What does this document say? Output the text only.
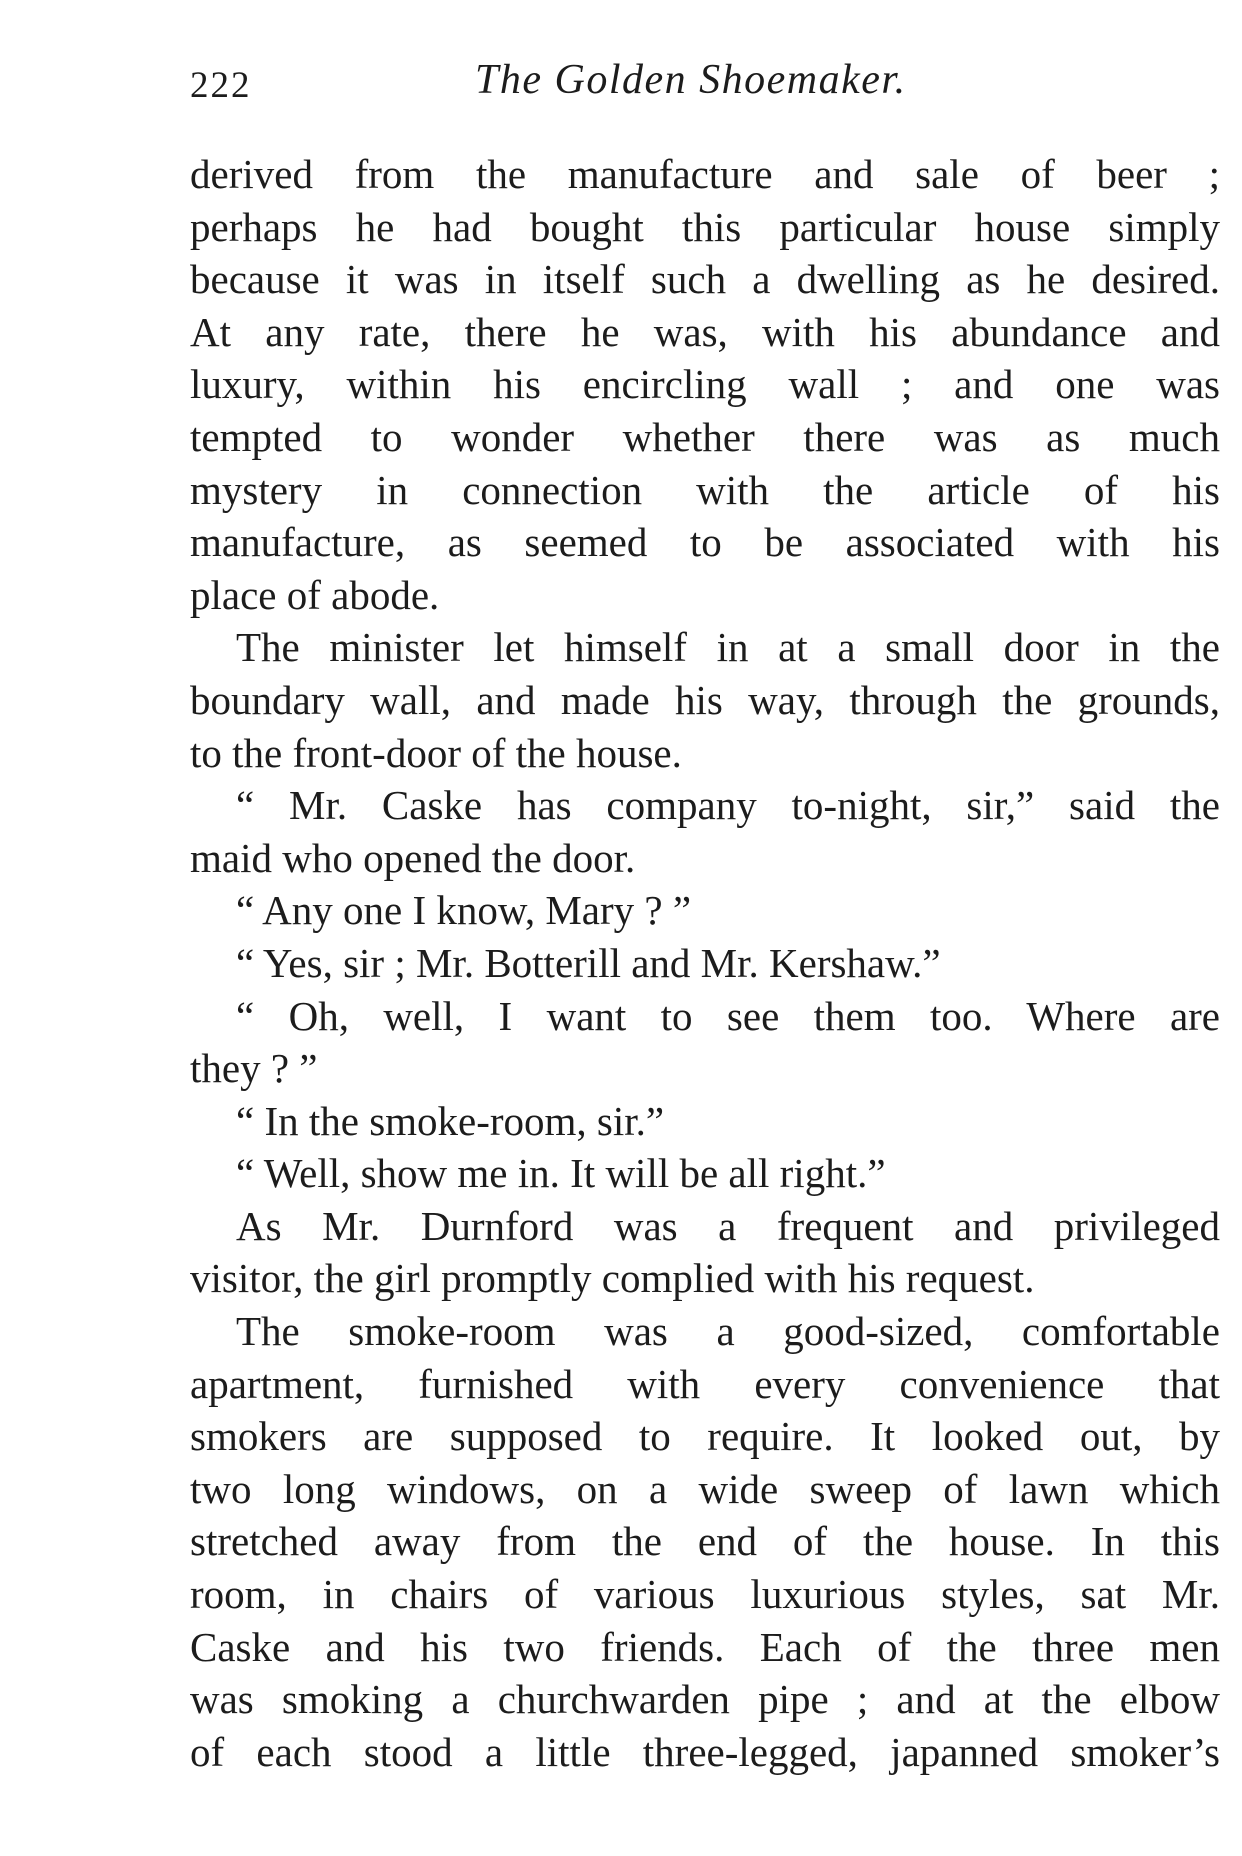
222	The Golden Shoemaker.
derived from the manufacture and sale of beer ;
perhaps he had bought this particular house simply
because it was in itself such a dwelling as he desired.
At any rate, there he was, with his abundance and
luxury, within his encircling wall ; and one was
tempted to wonder whether there was as much
mystery in connection with the article of his
manufacture, as seemed to be associated with his
place of abode.
The minister let himself in at a small door in the
boundary wall, and made his way, through the grounds,
to the front-door of the house.
“ Mr. Caske has company to-night, sir,” said the
maid who opened the door.
“ Any one I know, Mary ? ”
“ Yes, sir ; Mr. Botterill and Mr. Kershaw.”
“ Oh, well, I want to see them too. Where are
they ? ”
“ In the smoke-room, sir.”
“ Well, show me in. It will be all right.”
As Mr. Durnford was a frequent and privileged
visitor, the girl promptly complied with his request.
The smoke-room was a good-sized, comfortable
apartment, furnished with every convenience that
smokers are supposed to require. It looked out, by
two long windows, on a wide sweep of lawn which
stretched away from the end of the house. In this
room, in chairs of various luxurious styles, sat Mr.
Caske and his two friends. Each of the three men
was smoking a churchwarden pipe ; and at the elbow
of each stood a little three-legged, japanned smoker’s
